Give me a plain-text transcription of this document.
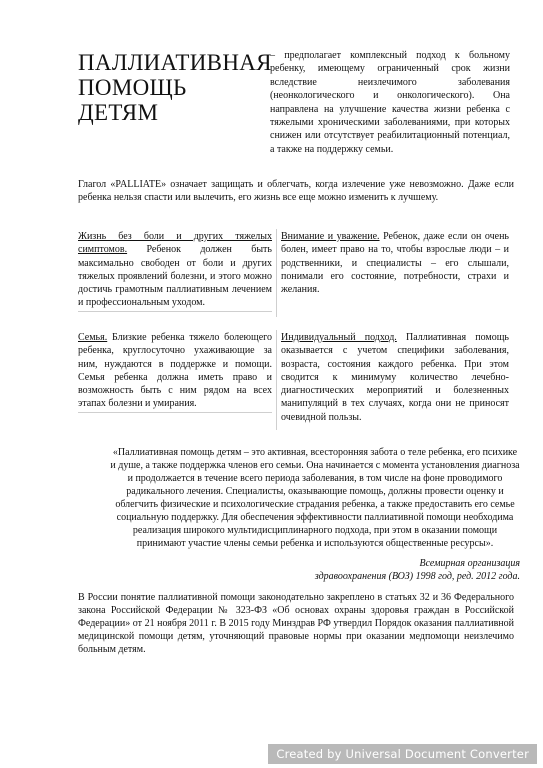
ПАЛЛИАТИВНАЯ
ПОМОЩЬ
ДЕТЯМ
– предполагает комплексный подход к больному ребенку, имеющему ограниченный срок жизни вследствие неизлечимого заболевания (неонкологического и онкологического). Она направлена на улучшение качества жизни ребенка с тяжелыми хроническими заболеваниями, при которых снижен или отсутствует реабилитационный потенциал, а также на поддержку семьи.
Глагол «PALLIATE» означает защищать и облегчать, когда излечение уже невозможно. Даже если ребенка нельзя спасти или вылечить, его жизнь все еще можно изменить к лучшему.
Жизнь без боли и других тяжелых симптомов. Ребенок должен быть максимально свободен от боли и других тяжелых проявлений болезни, и этого можно достичь грамотным паллиативным лечением и профессиональным уходом.
Внимание и уважение. Ребенок, даже если он очень болен, имеет право на то, чтобы взрослые люди – и родственники, и специалисты – его слышали, понимали его состояние, потребности, страхи и желания.
Семья. Близкие ребенка тяжело болеющего ребенка, круглосуточно ухаживающие за ним, нуждаются в поддержке и помощи. Семья ребенка должна иметь право и возможность быть с ним рядом на всех этапах болезни и умирания.
Индивидуальный подход. Паллиативная помощь оказывается с учетом специфики заболевания, возраста, состояния каждого ребенка. При этом сводится к минимуму количество лечебно-диагностических мероприятий и болезненных манипуляций в тех случаях, когда они не приносят очевидной пользы.
«Паллиативная помощь детям – это активная, всесторонняя забота о теле ребенка, его психике и душе, а также поддержка членов его семьи. Она начинается с момента установления диагноза и продолжается в течение всего периода заболевания, в том числе на фоне проводимого радикального лечения. Специалисты, оказывающие помощь, должны провести оценку и облегчить физические и психологические страдания ребенка, а также предоставить его семье социальную поддержку. Для обеспечения эффективности паллиативной помощи необходима реализация широкого мультидисциплинарного подхода, при этом в оказании помощи принимают участие члены семьи ребенка и используются общественные ресурсы».
Всемирная организация
здравоохранения (ВОЗ) 1998 год, ред. 2012 года.
В России понятие паллиативной помощи законодательно закреплено в статьях 32 и 36 Федерального закона Российской Федерации № 323-ФЗ «Об основах охраны здоровья граждан в Российской Федерации» от 21 ноября 2011 г. В 2015 году Минздрав РФ утвердил Порядок оказания паллиативной медицинской помощи детям, уточняющий правовые нормы при оказании медпомощи неизлечимо больным детям.
Created by Universal Document Converter
